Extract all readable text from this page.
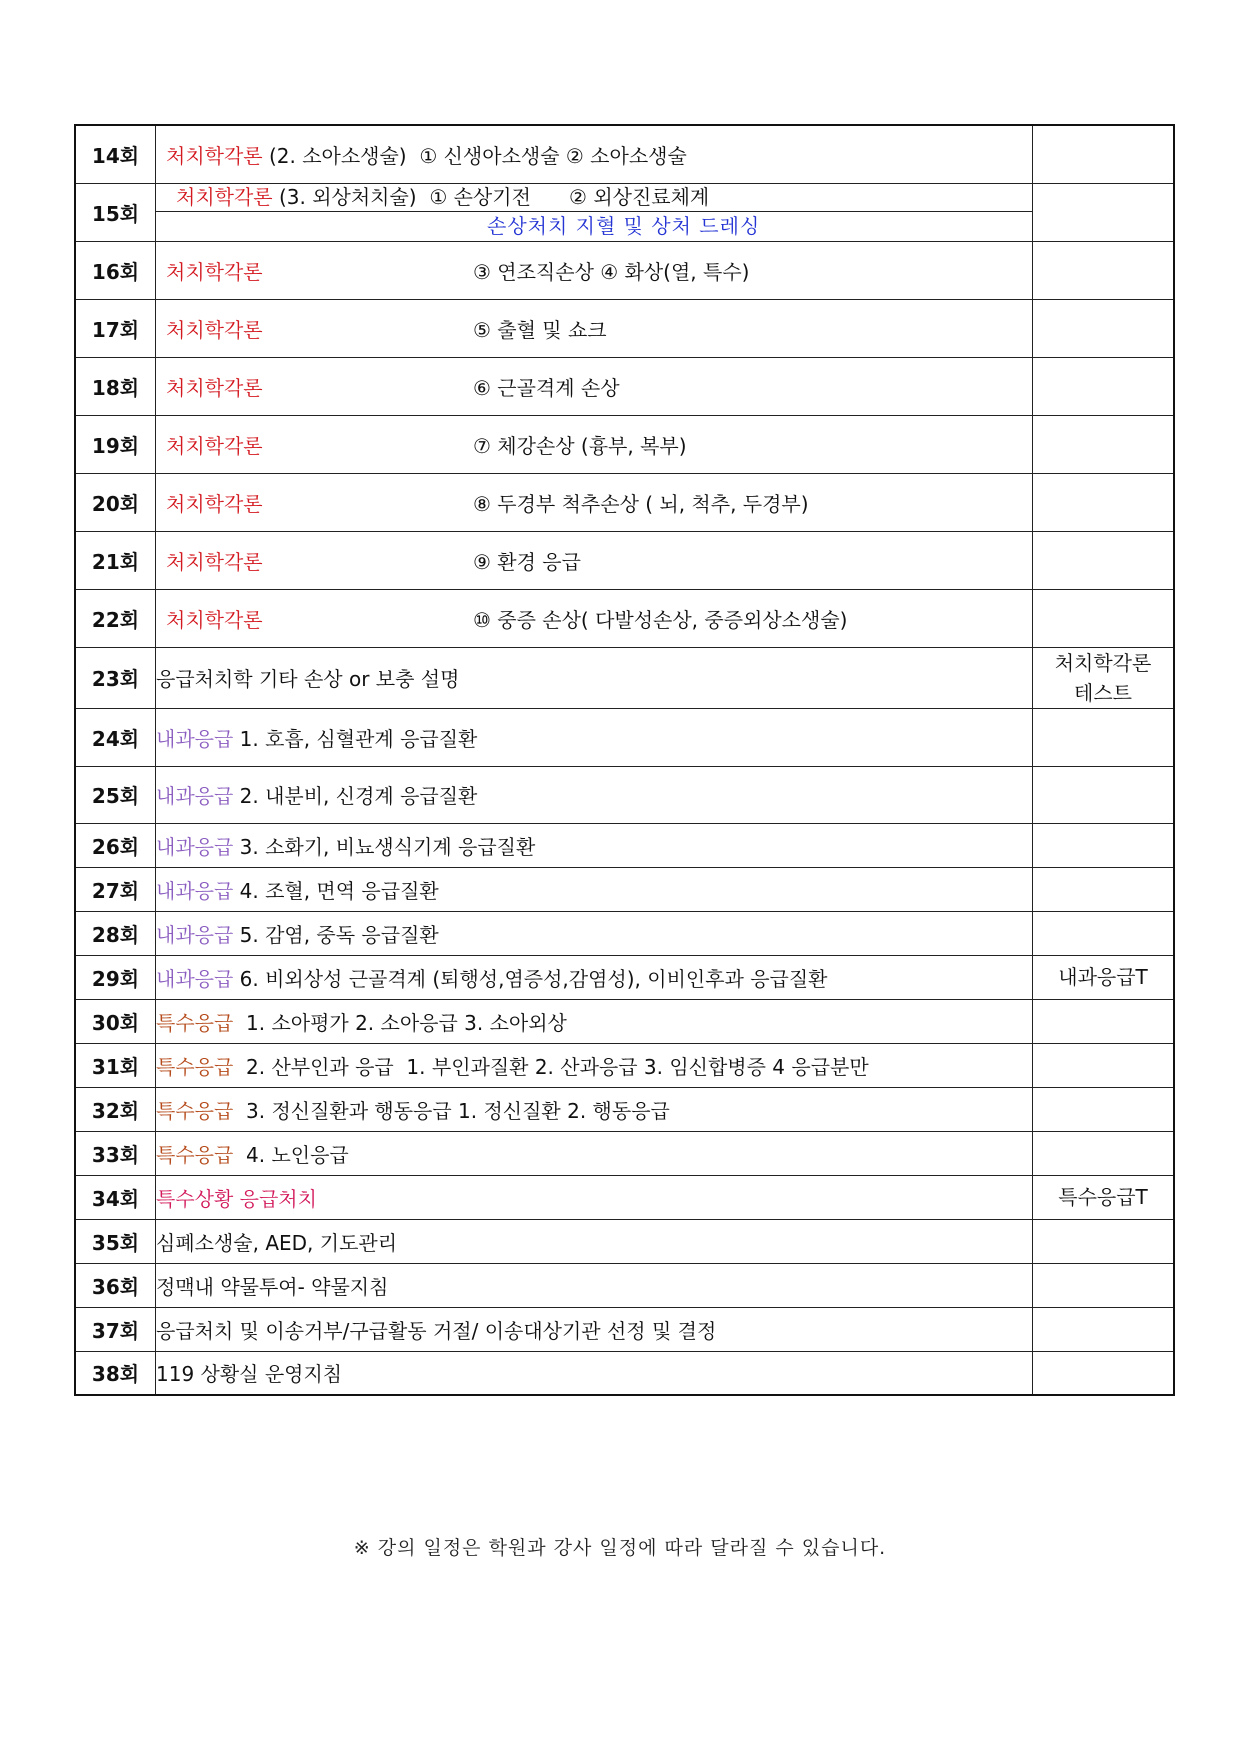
14회	처치학각론 (2. 소아소생술)  ① 신생아소생술 ② 소아소생술	
15회	처치학각론 (3. 외상처치술)  ① 손상기전      ② 외상진료체계
손상처치 지혈 및 상처 드레싱	

16회	처치학각론 ③ 연조직손상 ④ 화상(열, 특수)	
17회	처치학각론 ⑤ 출혈 및 쇼크	
18회	처치학각론 ⑥ 근골격계 손상	
19회	처치학각론 ⑦ 체강손상 (흉부, 복부)	
20회	처치학각론 ⑧ 두경부 척추손상 ( 뇌, 척추, 두경부)	
21회	처치학각론 ⑨ 환경 응급	
22회	처치학각론 ⑩ 중증 손상( 다발성손상, 중증외상소생술)	
23회	응급처치학 기타 손상 or 보충 설명	처치학각론
테스트

24회	내과응급 1. 호흡, 심혈관계 응급질환	
25회	내과응급 2. 내분비, 신경계 응급질환	
26회	내과응급 3. 소화기, 비뇨생식기계 응급질환	
27회	내과응급 4. 조혈, 면역 응급질환	
28회	내과응급 5. 감염, 중독 응급질환	
29회	내과응급 6. 비외상성 근골격계 (퇴행성,염증성,감염성), 이비인후과 응급질환	내과응급T
30회	특수응급  1. 소아평가 2. 소아응급 3. 소아외상	
31회	특수응급  2. 산부인과 응급  1. 부인과질환 2. 산과응급 3. 임신합병증 4 응급분만	
32회	특수응급  3. 정신질환과 행동응급 1. 정신질환 2. 행동응급	
33회	특수응급  4. 노인응급	
34회	특수상황 응급처치	특수응급T
35회	심폐소생술, AED, 기도관리	
36회	정맥내 약물투여- 약물지침	
37회	응급처치 및 이송거부/구급활동 거절/ 이송대상기관 선정 및 결정	
38회	119 상황실 운영지침	
※ 강의 일정은 학원과 강사 일정에 따라 달라질 수 있습니다.
